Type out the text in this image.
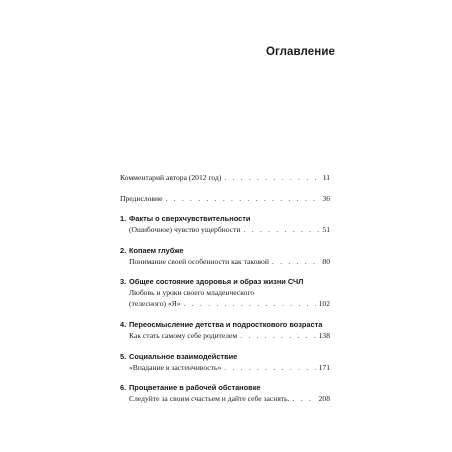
Оглавление
Комментарий автора (2012 год) . . .	11
Предисловие . . .	36
1. Факты о сверхчувствительности
(Ошибочное) чувство ущербности . . .	51
2. Копаем глубже
Понимание своей особенности как таковой . . .	80
3. Общее состояние здоровья и образ жизни СЧЛ
Любовь и уроки своего младенческого
(телесного) «Я» . . .	102
4. Переосмысление детства и подросткового возраста
Как стать самому себе родителем . . .	138
5. Социальное взаимодействие
«Впадание в застенчивость» . . .	171
6. Процветание в рабочей обстановке
Следуйте за своим счастьем и дайте себе заснять. . . .	208
